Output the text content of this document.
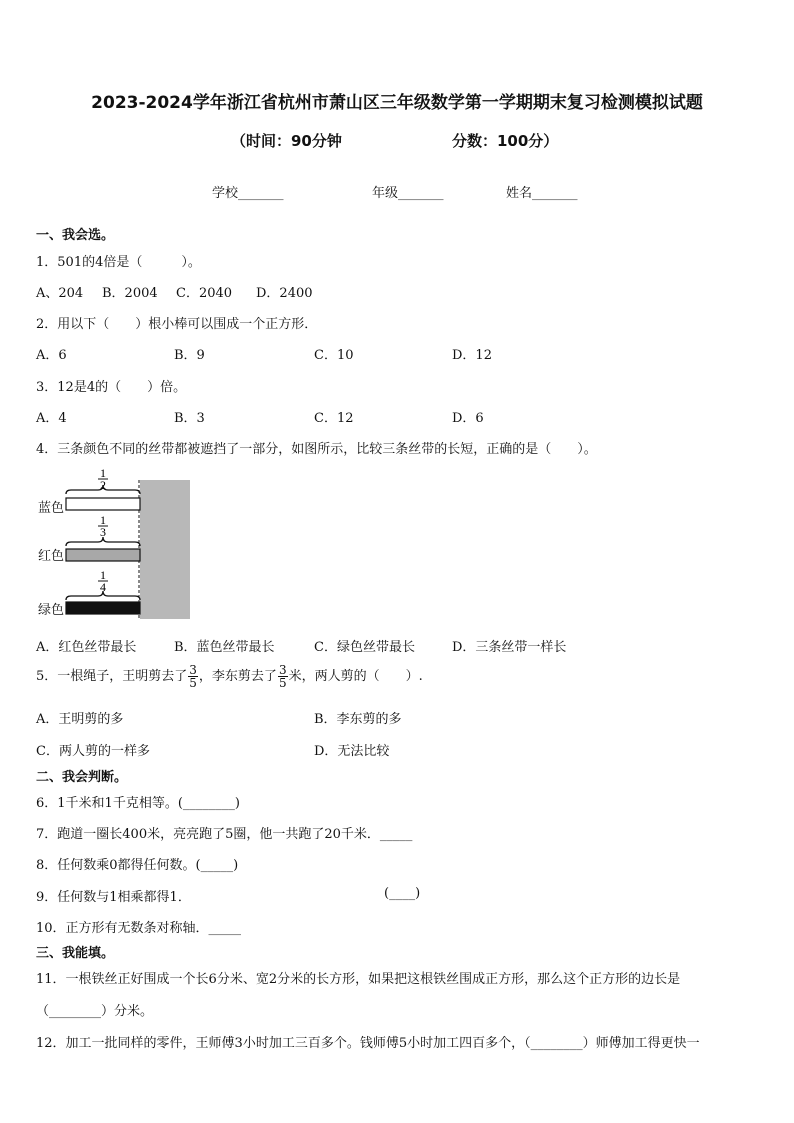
2023-2024学年浙江省杭州市萧山区三年级数学第一学期期末复习检测模拟试题
（时间：90分钟	分数：100分）
学校_______	年级_______	姓名_______
一、我会选。
1．501的4倍是（　　　）。
A、204 B．2004 C．2040 D．2400
2．用以下（　　）根小棒可以围成一个正方形．
A．6	B．9	C．10	D．12
3．12是4的（　　）倍。
A．4	B．3	C．12	D．6
4．三条颜色不同的丝带都被遮挡了一部分，如图所示，比较三条丝带的长短，正确的是（　　）。
1
2
1
3
1
4
蓝色
红色
绿色
A．红色丝带最长	B．蓝色丝带最长	C．绿色丝带最长	D．三条丝带一样长
5．一根绳子，王明剪去了 $\frac{3}{5}$ ，李东剪去了 $\frac{3}{5}$ 米，两人剪的（　　）.
A．王明剪的多	B．李东剪的多
C．两人剪的一样多	D．无法比较
二、我会判断。
6．1千米和1千克相等。(________)
7．跑道一圈长400米，亮亮跑了5圈，他一共跑了20千米．_____
8．任何数乘0都得任何数。(_____)
9．任何数与1相乘都得1．	(____)
10．正方形有无数条对称轴．_____
三、我能填。
11．一根铁丝正好围成一个长6分米、宽2分米的长方形，如果把这根铁丝围成正方形，那么这个正方形的边长是
（________）分米。
12．加工一批同样的零件，王师傅3小时加工三百多个。钱师傅5小时加工四百多个，（________）师傅加工得更快一
